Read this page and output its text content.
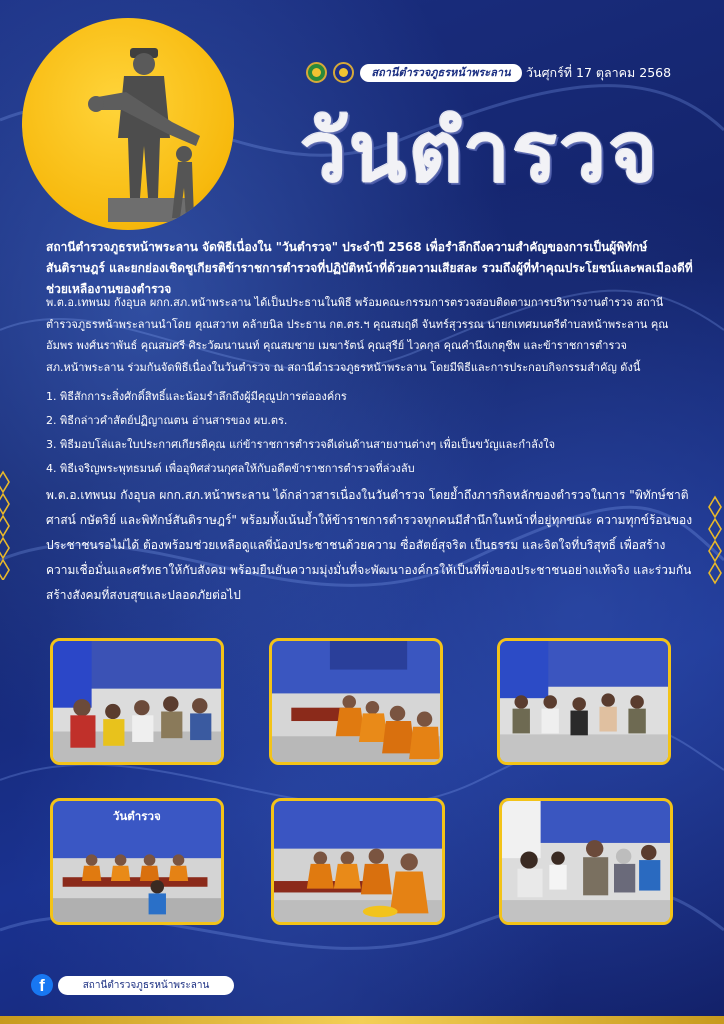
สถานีตำรวจภูธรหน้าพระลาน	วันศุกร์ที่ 17 ตุลาคม 2568
วันตำรวจ
สถานีตำรวจภูธรหน้าพระลาน จัดพิธีเนื่องใน "วันตำรวจ" ประจำปี 2568 เพื่อรำลึกถึงความสำคัญของการเป็นผู้พิทักษ์สันติราษฎร์ และยกย่องเชิดชูเกียรติข้าราชการตำรวจที่ปฏิบัติหน้าที่ด้วยความเสียสละ รวมถึงผู้ที่ทำคุณประโยชน์และพลเมืองดีที่ช่วยเหลืองานของตำรวจ
พ.ต.อ.เทพนม กังอุบล ผกก.สภ.หน้าพระลาน ได้เป็นประธานในพิธี พร้อมคณะกรรมการตรวจสอบติดตามการบริหารงานตำรวจ สถานีตำรวจภูธรหน้าพระลานนำโดย คุณสวาท คล้ายนิล ประธาน กต.ตร.ฯ คุณสมฤดี จันทร์สุวรรณ นายกเทศมนตรีตำบลหน้าพระลาน คุณอัมพร พงศ์นราพันธ์ คุณสมศรี ศิระวัฒนานนท์ คุณสมชาย เมฆารัตน์ คุณสุรีย์ ไวคกุล คุณคำนึงเกตุชีพ และข้าราชการตำรวจ สภ.หน้าพระลาน ร่วมกันจัดพิธีเนื่องในวันตำรวจ ณ สถานีตำรวจภูธรหน้าพระลาน โดยมีพิธีและการประกอบกิจกรรมสำคัญ ดังนี้
1. พิธีสักการะสิ่งศักดิ์สิทธิ์และน้อมรำลึกถึงผู้มีคุณูปการต่อองค์กร
2. พิธีกล่าวคำสัตย์ปฏิญาณตน อ่านสารของ ผบ.ตร.
3. พิธีมอบโล่และใบประกาศเกียรติคุณ แก่ข้าราชการตำรวจดีเด่นด้านสายงานต่างๆ เพื่อเป็นขวัญและกำลังใจ
4. พิธีเจริญพระพุทธมนต์ เพื่ออุทิศส่วนกุศลให้กับอดีตข้าราชการตำรวจที่ล่วงลับ
พ.ต.อ.เทพนม กังอุบล ผกก.สภ.หน้าพระลาน ได้กล่าวสารเนื่องในวันตำรวจ โดยย้ำถึงภารกิจหลักของตำรวจในการ "พิทักษ์ชาติ ศาสน์ กษัตริย์ และพิทักษ์สันติราษฎร์" พร้อมทั้งเน้นย้ำให้ข้าราชการตำรวจทุกคนมีสำนึกในหน้าที่อยู่ทุกขณะ ความทุกข์ร้อนของประชาชนรอไม่ได้ ต้องพร้อมช่วยเหลือดูแลพี่น้องประชาชนด้วยความ ซื่อสัตย์สุจริต เป็นธรรม และจิตใจที่บริสุทธิ์ เพื่อสร้างความเชื่อมั่นและศรัทธาให้กับสังคม พร้อมยืนยันความมุ่งมั่นที่จะพัฒนาองค์กรให้เป็นที่พึ่งของประชาชนอย่างแท้จริง และร่วมกันสร้างสังคมที่สงบสุขและปลอดภัยต่อไป
วันตำรวจ
f	สถานีตำรวจภูธรหน้าพระลาน
